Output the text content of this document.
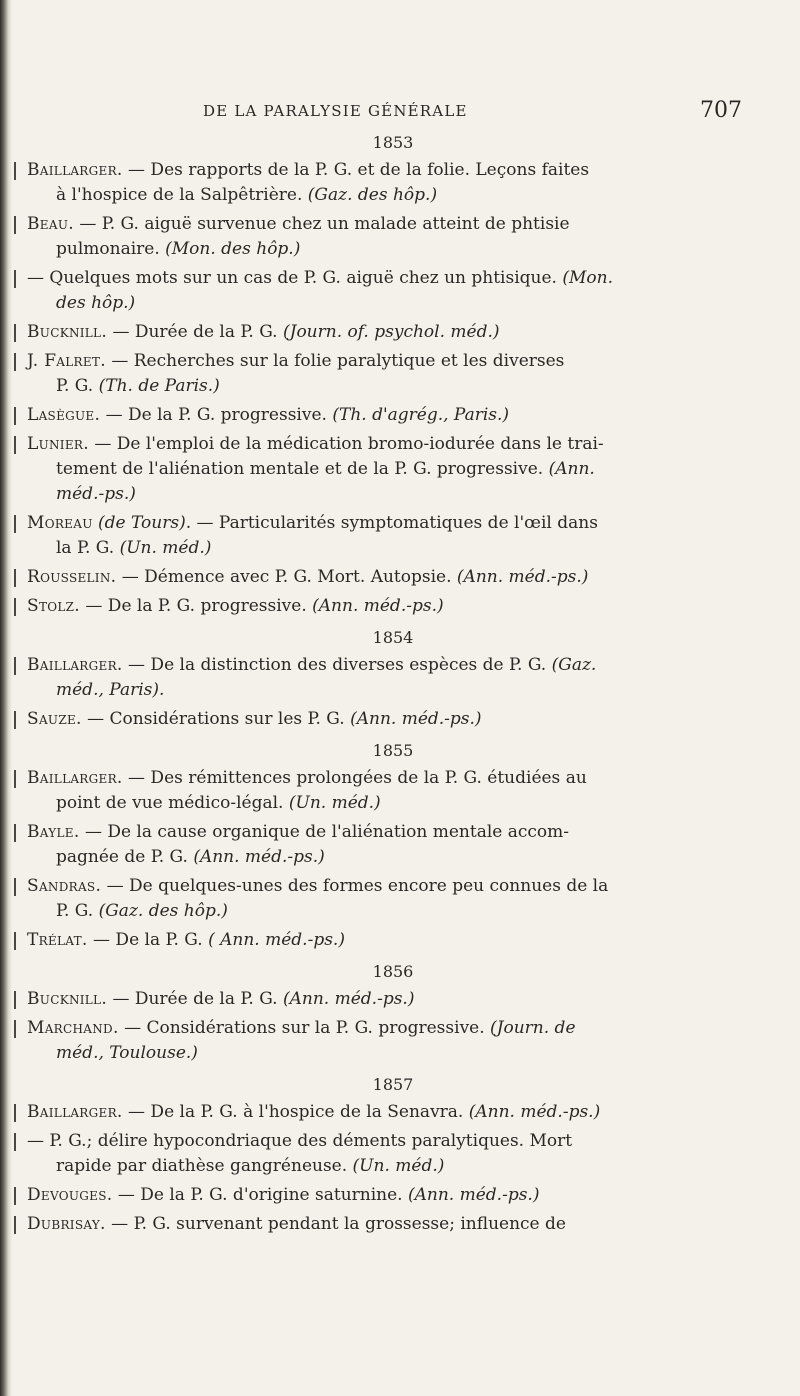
DE LA PARALYSIE GÉNÉRALE	707
1853
Baillarger. — Des rapports de la P. G. et de la folie. Leçons faites
à l'hospice de la Salpêtrière. (Gaz. des hôp.)
Beau. — P. G. aiguë survenue chez un malade atteint de phtisie
pulmonaire. (Mon. des hôp.)
— Quelques mots sur un cas de P. G. aiguë chez un phtisique. (Mon.
des hôp.)
Bucknill. — Durée de la P. G. (Journ. of. psychol. méd.)
J. Falret. — Recherches sur la folie paralytique et les diverses
P. G. (Th. de Paris.)
Lasègue. — De la P. G. progressive. (Th. d'agrég., Paris.)
Lunier. — De l'emploi de la médication bromo-iodurée dans le trai-
tement de l'aliénation mentale et de la P. G. progressive. (Ann.
méd.-ps.)
Moreau (de Tours). — Particularités symptomatiques de l'œil dans
la P. G. (Un. méd.)
Rousselin. — Démence avec P. G. Mort. Autopsie. (Ann. méd.-ps.)
Stolz. — De la P. G. progressive. (Ann. méd.-ps.)
1854
Baillarger. — De la distinction des diverses espèces de P. G. (Gaz.
méd., Paris).
Sauze. — Considérations sur les P. G. (Ann. méd.-ps.)
1855
Baillarger. — Des rémittences prolongées de la P. G. étudiées au
point de vue médico-légal. (Un. méd.)
Bayle. — De la cause organique de l'aliénation mentale accom-
pagnée de P. G. (Ann. méd.-ps.)
Sandras. — De quelques-unes des formes encore peu connues de la
P. G. (Gaz. des hôp.)
Trélat. — De la P. G. ( Ann. méd.-ps.)
1856
Bucknill. — Durée de la P. G. (Ann. méd.-ps.)
Marchand. — Considérations sur la P. G. progressive. (Journ. de
méd., Toulouse.)
1857
Baillarger. — De la P. G. à l'hospice de la Senavra. (Ann. méd.-ps.)
— P. G.; délire hypocondriaque des déments paralytiques. Mort
rapide par diathèse gangréneuse. (Un. méd.)
Devouges. — De la P. G. d'origine saturnine. (Ann. méd.-ps.)
Dubrisay. — P. G. survenant pendant la grossesse; influence de
